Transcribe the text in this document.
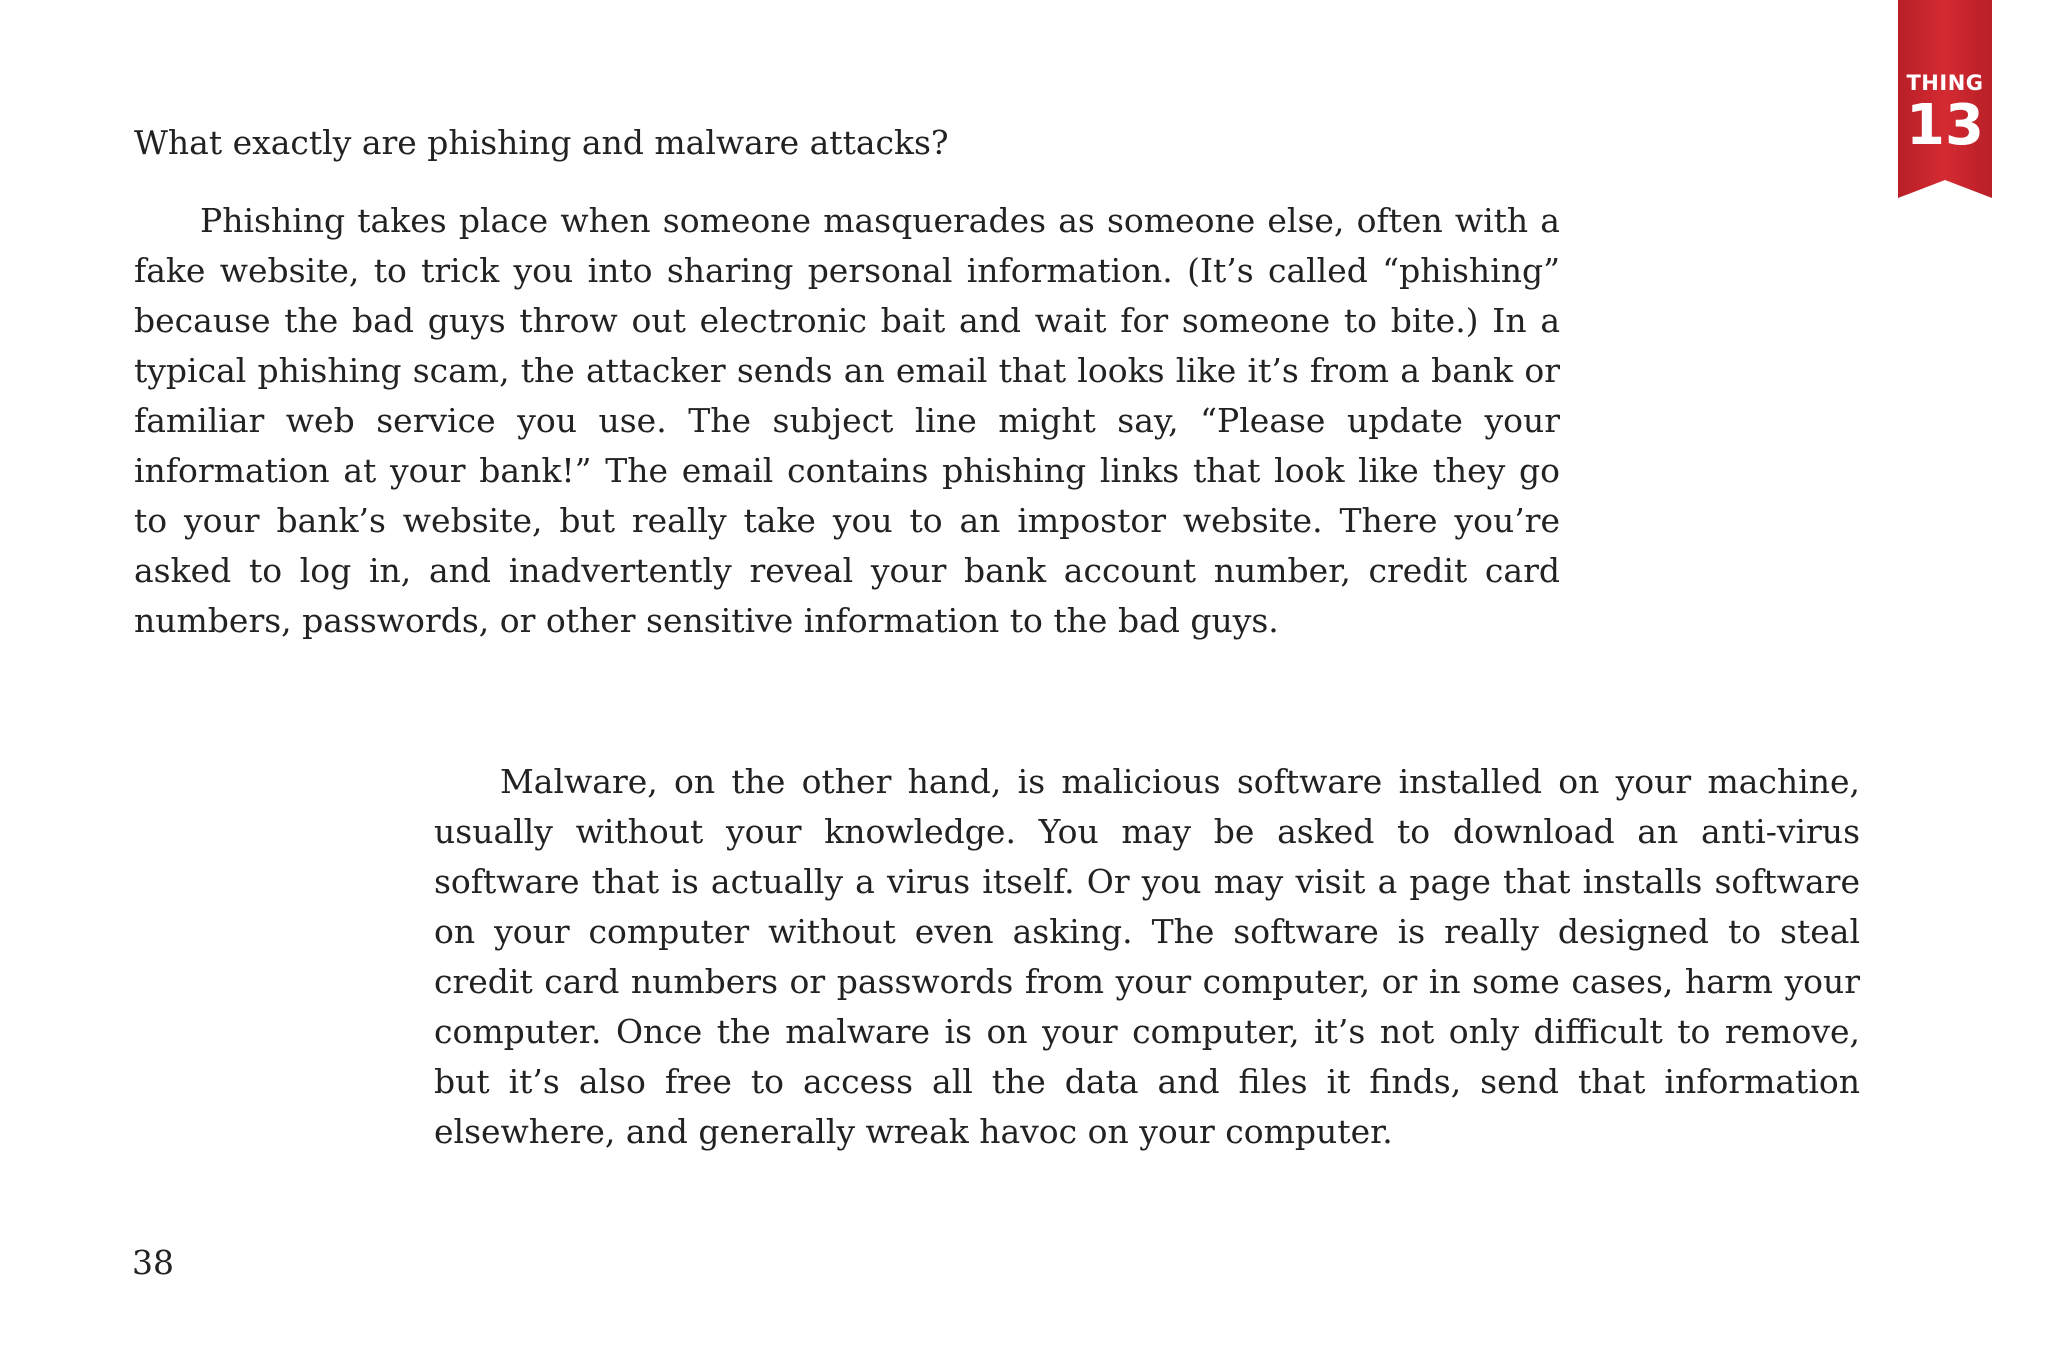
THING
13
What exactly are phishing and malware attacks?

Phishing takes place when someone masquerades as someone else, often with a fake website, to trick you into sharing personal information. (It’s called “phishing” because the bad guys throw out electronic bait and wait for someone to bite.) In a typical phishing scam, the attacker sends an email that looks like it’s from a bank or familiar web service you use. The subject line might say, “Please update your information at your bank!” The email contains phishing links that look like they go to your bank’s website, but really take you to an impostor website. There you’re asked to log in, and inadvertently reveal your bank account number, credit card numbers, passwords, or other sensitive information to the bad guys.

Malware, on the other hand, is malicious software installed on your machine, usually without your knowledge. You may be asked to download an anti-virus software that is actually a virus itself. Or you may visit a page that installs software on your computer without even asking. The software is really designed to steal credit card numbers or passwords from your computer, or in some cases, harm your computer. Once the malware is on your computer, it’s not only difficult to remove, but it’s also free to access all the data and files it finds, send that information elsewhere, and generally wreak havoc on your computer.

38
